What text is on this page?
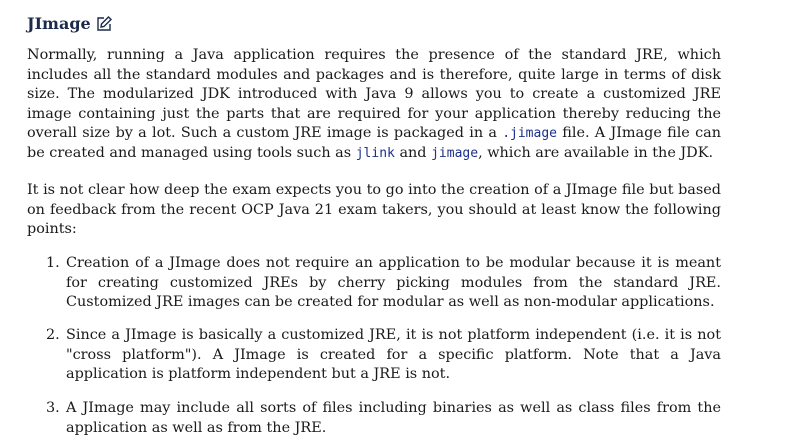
JImage

Normally, running a Java application requires the presence of the standard JRE, which includes all the standard modules and packages and is therefore, quite large in terms of disk size. The modularized JDK introduced with Java 9 allows you to create a customized JRE image containing just the parts that are required for your application thereby reducing the overall size by a lot. Such a custom JRE image is packaged in a .jimage file. A JImage file can be created and managed using tools such as jlink and jimage, which are available in the JDK.

It is not clear how deep the exam expects you to go into the creation of a JImage file but based on feedback from the recent OCP Java 21 exam takers, you should at least know the following points:

1. Creation of a JImage does not require an application to be modular because it is meant for creating customized JREs by cherry picking modules from the standard JRE. Customized JRE images can be created for modular as well as non-modular applications.
2. Since a JImage is basically a customized JRE, it is not platform independent (i.e. it is not "cross platform"). A JImage is created for a specific platform. Note that a Java application is platform independent but a JRE is not.
3. A JImage may include all sorts of files including binaries as well as class files from the application as well as from the JRE.
